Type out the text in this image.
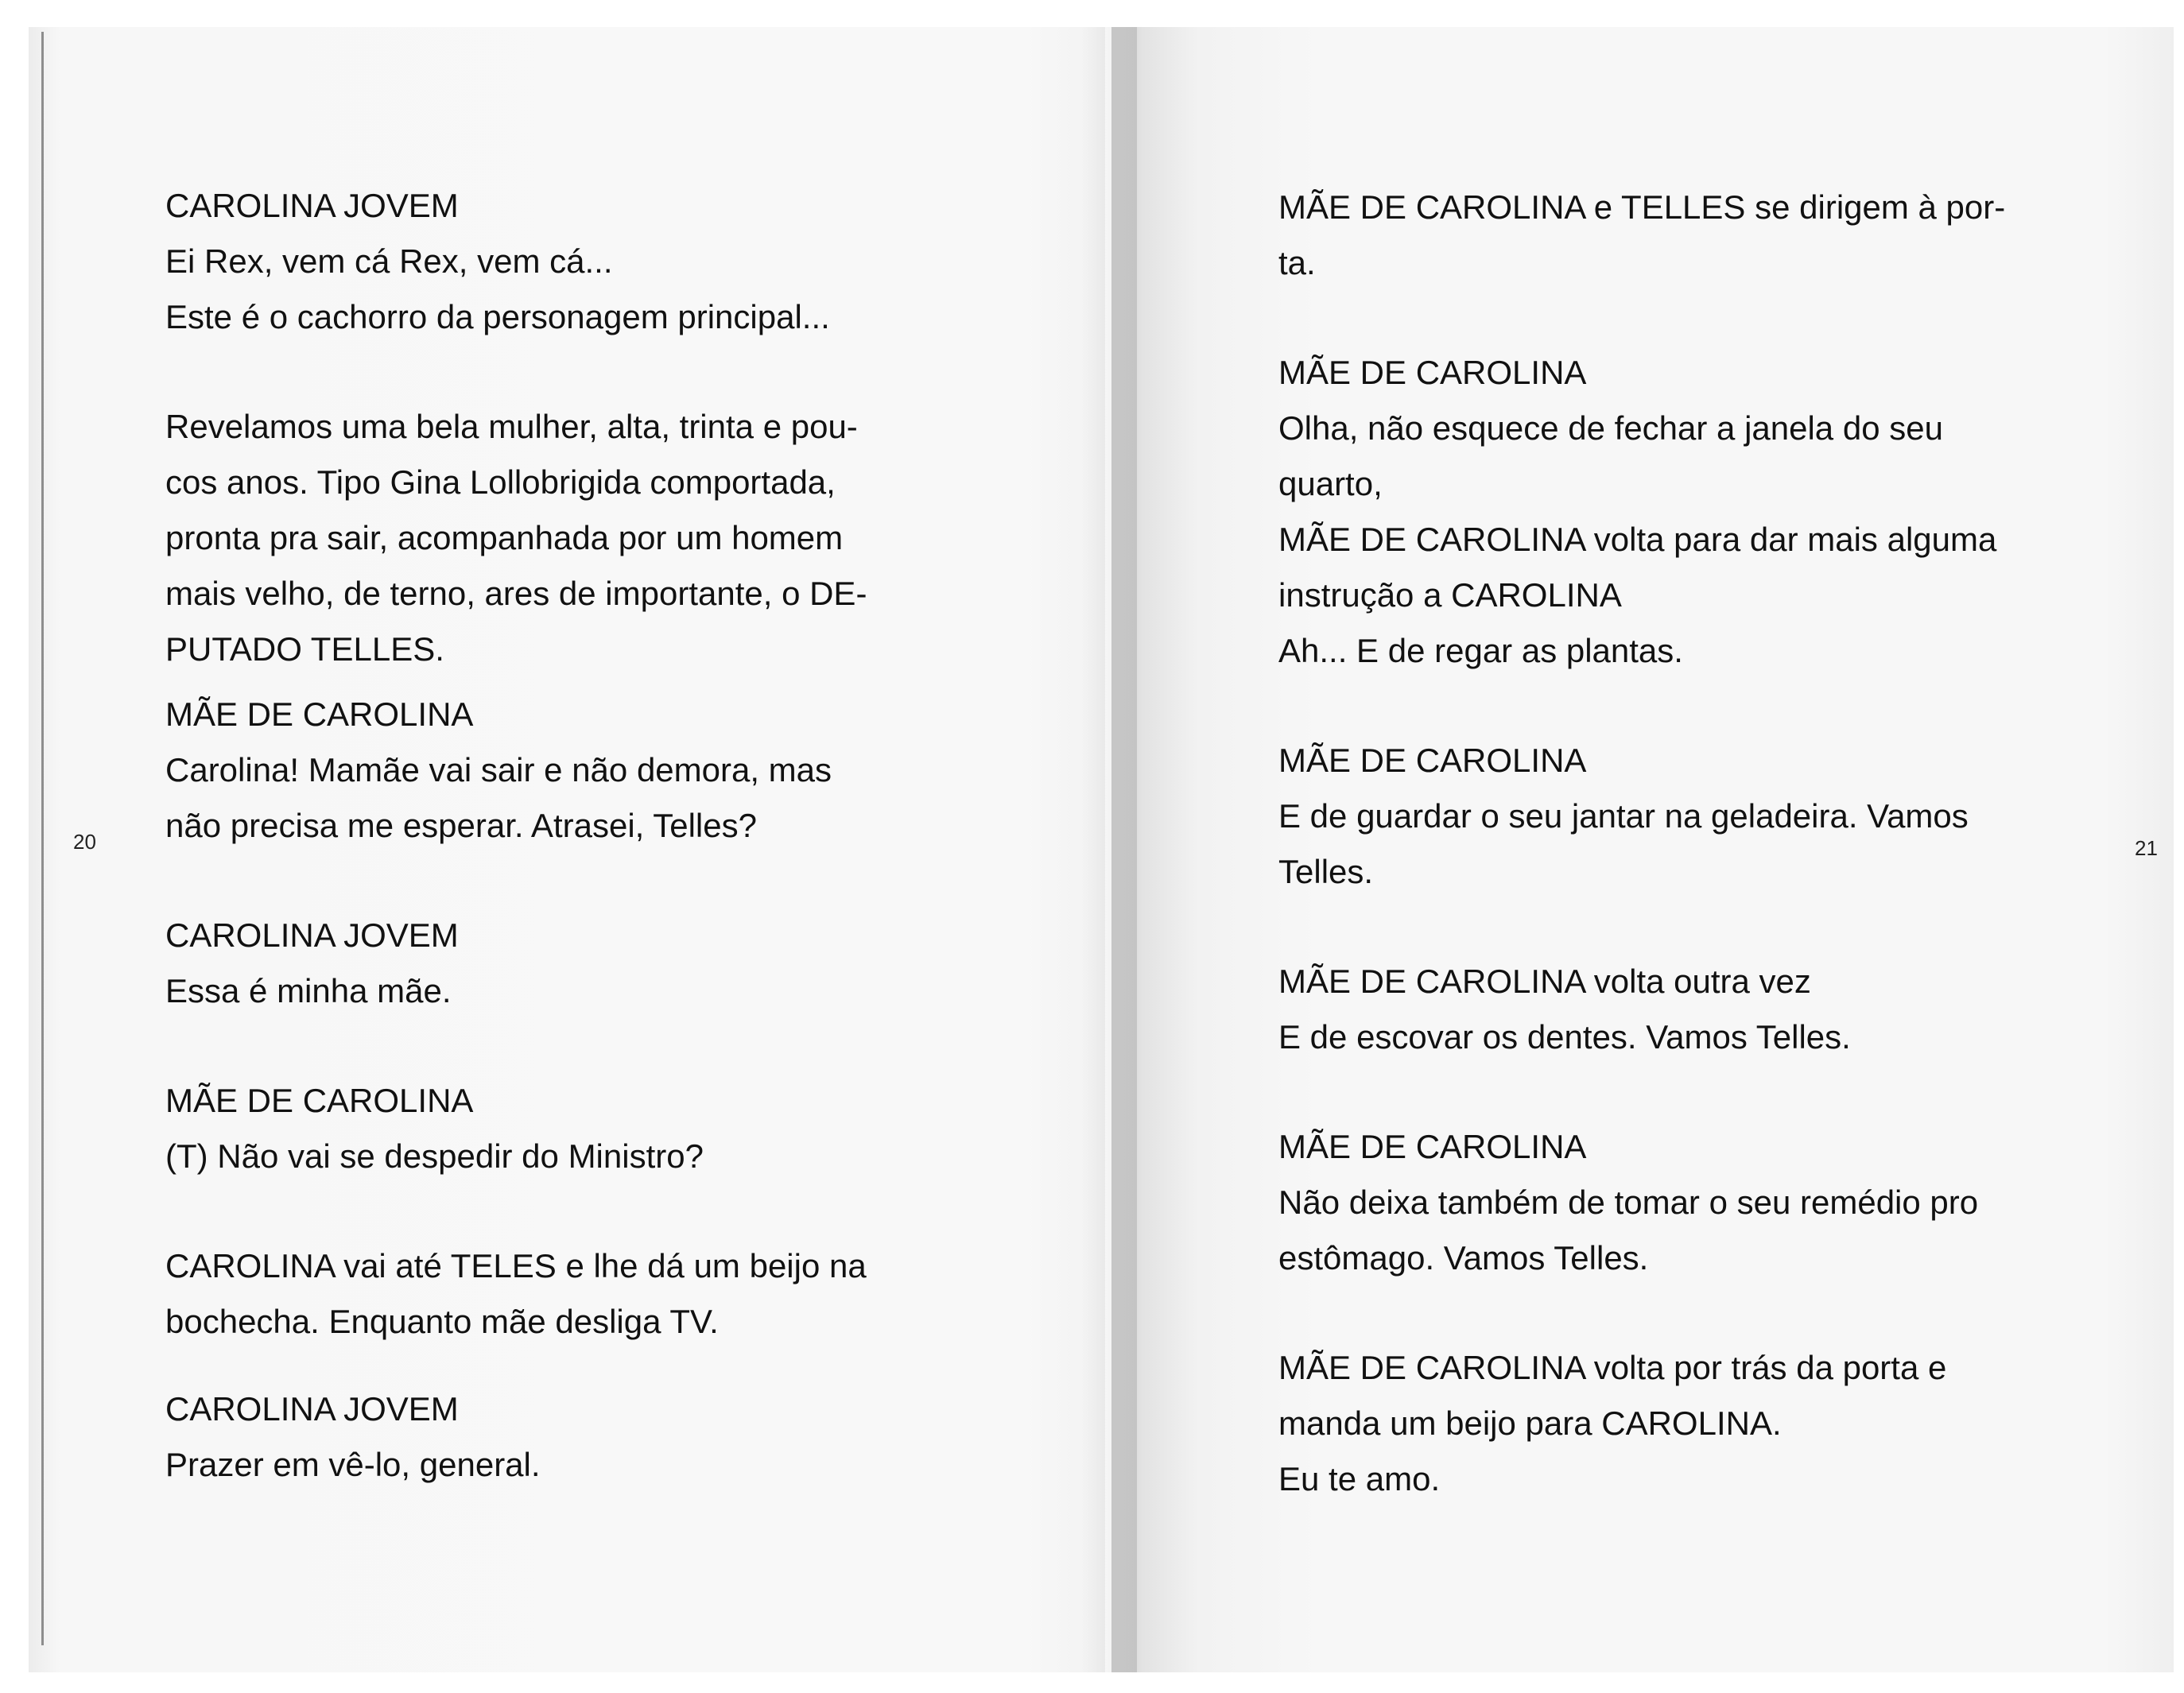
20	21

CAROLINA JOVEM

Ei Rex, vem cá Rex, vem cá...

Este é o cachorro da personagem principal...

Revelamos uma bela mulher, alta, trinta e pou-

cos anos. Tipo Gina Lollobrigida comportada,

pronta pra sair, acompanhada por um homem

mais velho, de terno, ares de importante, o DE-

PUTADO TELLES.

MÃE DE CAROLINA

Carolina! Mamãe vai sair e não demora, mas

não precisa me esperar. Atrasei, Telles?

CAROLINA JOVEM

Essa é minha mãe.

MÃE DE CAROLINA

(T) Não vai se despedir do Ministro?

CAROLINA vai até TELES e lhe dá um beijo na

bochecha. Enquanto mãe desliga TV.

CAROLINA JOVEM

Prazer em vê-lo, general.

MÃE DE CAROLINA e TELLES se dirigem à por-

ta.

MÃE DE CAROLINA

Olha, não esquece de fechar a janela do seu

quarto,

MÃE DE CAROLINA volta para dar mais alguma

instrução a CAROLINA

Ah... E de regar as plantas.

MÃE DE CAROLINA

E de guardar o seu jantar na geladeira. Vamos

Telles.

MÃE DE CAROLINA volta outra vez

E de escovar os dentes. Vamos Telles.

MÃE DE CAROLINA

Não deixa também de tomar o seu remédio pro

estômago. Vamos Telles.

MÃE DE CAROLINA volta por trás da porta e

manda um beijo para CAROLINA.

Eu te amo.
